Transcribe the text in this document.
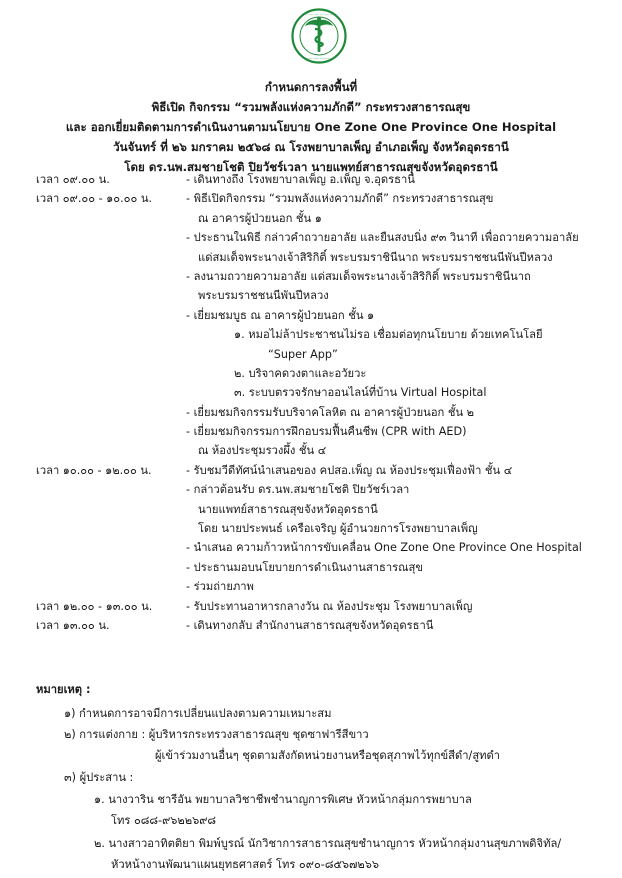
·····················
·························
กำหนดการลงพื้นที่
พิธีเปิด กิจกรรม “รวมพลังแห่งความภักดี” กระทรวงสาธารณสุข
และ ออกเยี่ยมติดตามการดำเนินงานตามนโยบาย One Zone One Province One Hospital
วันจันทร์ ที่ ๒๖ มกราคม ๒๕๖๘ ณ โรงพยาบาลเพ็ญ อำเภอเพ็ญ จังหวัดอุดรธานี
โดย ดร.นพ.สมชายโชติ ปิยวัชร์เวลา นายแพทย์สาธารณสุขจังหวัดอุดรธานี
เวลา ๐๙.๐๐ น.	- เดินทางถึง โรงพยาบาลเพ็ญ อ.เพ็ญ จ.อุดรธานี
เวลา ๐๙.๐๐ - ๑๐.๐๐ น.	- พิธีเปิดกิจกรรม “รวมพลังแห่งความภักดี” กระทรวงสาธารณสุข
ณ อาคารผู้ป่วยนอก ชั้น ๑
- ประธานในพิธี กล่าวคำถวายอาลัย และยืนสงบนิ่ง ๙๓ วินาที เพื่อถวายความอาลัย
แด่สมเด็จพระนางเจ้าสิริกิติ์ พระบรมราชินีนาถ พระบรมราชชนนีพันปีหลวง
- ลงนามถวายความอาลัย แด่สมเด็จพระนางเจ้าสิริกิติ์ พระบรมราชินีนาถ
พระบรมราชชนนีพันปีหลวง
- เยี่ยมชมบูธ ณ อาคารผู้ป่วยนอก ชั้น ๑
๑. หมอไม่ล้าประชาชนไม่รอ เชื่อมต่อทุกนโยบาย ด้วยเทคโนโลยี
“Super App”
๒. บริจาคดวงตาและอวัยวะ
๓. ระบบตรวจรักษาออนไลน์ที่บ้าน Virtual Hospital
- เยี่ยมชมกิจกรรมรับบริจาคโลหิต ณ อาคารผู้ป่วยนอก ชั้น ๒
- เยี่ยมชมกิจกรรมการฝึกอบรมฟื้นคืนชีพ (CPR with AED)
ณ ห้องประชุมรวงผึ้ง ชั้น ๔
เวลา ๑๐.๐๐ - ๑๒.๐๐ น.	- รับชมวีดีทัศน์นำเสนอของ คปสอ.เพ็ญ ณ ห้องประชุมเฟื่องฟ้า ชั้น ๔
- กล่าวต้อนรับ ดร.นพ.สมชายโชติ ปิยวัชร์เวลา
นายแพทย์สาธารณสุขจังหวัดอุดรธานี
โดย นายประพนธ์ เครือเจริญ ผู้อำนวยการโรงพยาบาลเพ็ญ
- นำเสนอ ความก้าวหน้าการขับเคลื่อน One Zone One Province One Hospital
- ประธานมอบนโยบายการดำเนินงานสาธารณสุข
- ร่วมถ่ายภาพ
เวลา ๑๒.๐๐ - ๑๓.๐๐ น.	- รับประทานอาหารกลางวัน ณ ห้องประชุม โรงพยาบาลเพ็ญ
เวลา ๑๓.๐๐ น.	- เดินทางกลับ สำนักงานสาธารณสุขจังหวัดอุดรธานี
หมายเหตุ :
๑) กำหนดการอาจมีการเปลี่ยนแปลงตามความเหมาะสม
๒) การแต่งกาย : ผู้บริหารกระทรวงสาธารณสุข ชุดซาฟารีสีขาว
ผู้เข้าร่วมงานอื่นๆ ชุดตามสังกัดหน่วยงานหรือชุดสุภาพไว้ทุกข์สีดำ/สูทดำ
๓) ผู้ประสาน :
๑. นางวาริน ชารีอัน พยาบาลวิชาชีพชำนาญการพิเศษ หัวหน้ากลุ่มการพยาบาล
โทร ๐๘๘-๙๖๒๒๖๙๘
๒. นางสาวอาทิตติยา พิมพ์บูรณ์ นักวิชาการสาธารณสุขชำนาญการ หัวหน้ากลุ่มงานสุขภาพดิจิทัล/
หัวหน้างานพัฒนาแผนยุทธศาสตร์ โทร ๐๙๐-๘๕๖๗๒๖๖
